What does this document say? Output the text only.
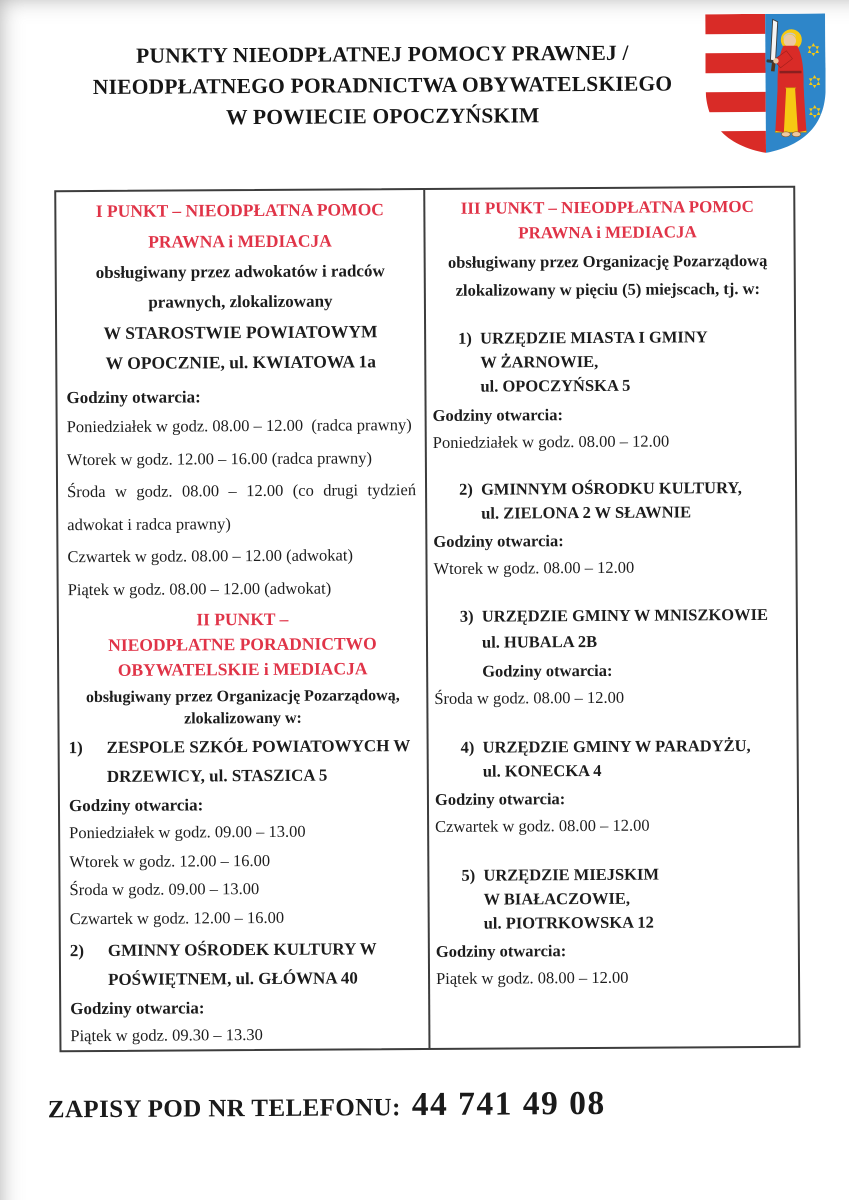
PUNKTY NIEODPŁATNEJ POMOCY PRAWNEJ /
NIEODPŁATNEGO PORADNICTWA OBYWATELSKIEGO
W POWIECIE OPOCZYŃSKIM
I PUNKT – NIEODPŁATNA POMOC
PRAWNA i MEDIACJA
obsługiwany przez adwokatów i radców
prawnych, zlokalizowany
W STAROSTWIE POWIATOWYM
W OPOCZNIE, ul. KWIATOWA 1a
Godziny otwarcia:
Poniedziałek w godz. 08.00 – 12.00  (radca prawny)
Wtorek w godz. 12.00 – 16.00 (radca prawny)
Środa w godz. 08.00 – 12.00 (co drugi tydzień adwokat i radca prawny)
Czwartek w godz. 08.00 – 12.00 (adwokat)
Piątek w godz. 08.00 – 12.00 (adwokat)
II PUNKT –
NIEODPŁATNE PORADNICTWO
OBYWATELSKIE i MEDIACJA
obsługiwany przez Organizację Pozarządową,
zlokalizowany w:
1)	ZESPOLE SZKÓŁ POWIATOWYCH W
DRZEWICY, ul. STASZICA 5
Godziny otwarcia:
Poniedziałek w godz. 09.00 – 13.00
Wtorek w godz. 12.00 – 16.00
Środa w godz. 09.00 – 13.00
Czwartek w godz. 12.00 – 16.00
2)	GMINNY OŚRODEK KULTURY W
POŚWIĘTNEM, ul. GŁÓWNA 40
Godziny otwarcia:
Piątek w godz. 09.30 – 13.30
III PUNKT – NIEODPŁATNA POMOC
PRAWNA i MEDIACJA
obsługiwany przez Organizację Pozarządową
zlokalizowany w pięciu (5) miejscach, tj. w:
1) URZĘDZIE MIASTA I GMINY
W ŻARNOWIE,
ul. OPOCZYŃSKA 5
Godziny otwarcia:
Poniedziałek w godz. 08.00 – 12.00
2) GMINNYM OŚRODKU KULTURY,
ul. ZIELONA 2 W SŁAWNIE
Godziny otwarcia:
Wtorek w godz. 08.00 – 12.00
3) URZĘDZIE GMINY W MNISZKOWIE
ul. HUBALA 2B
Godziny otwarcia:
Środa w godz. 08.00 – 12.00
4) URZĘDZIE GMINY W PARADYŻU,
ul. KONECKA 4
Godziny otwarcia:
Czwartek w godz. 08.00 – 12.00
5) URZĘDZIE MIEJSKIM
W BIAŁACZOWIE,
ul. PIOTRKOWSKA 12
Godziny otwarcia:
Piątek w godz. 08.00 – 12.00
ZAPISY POD NR TELEFONU: 44 741 49 08
